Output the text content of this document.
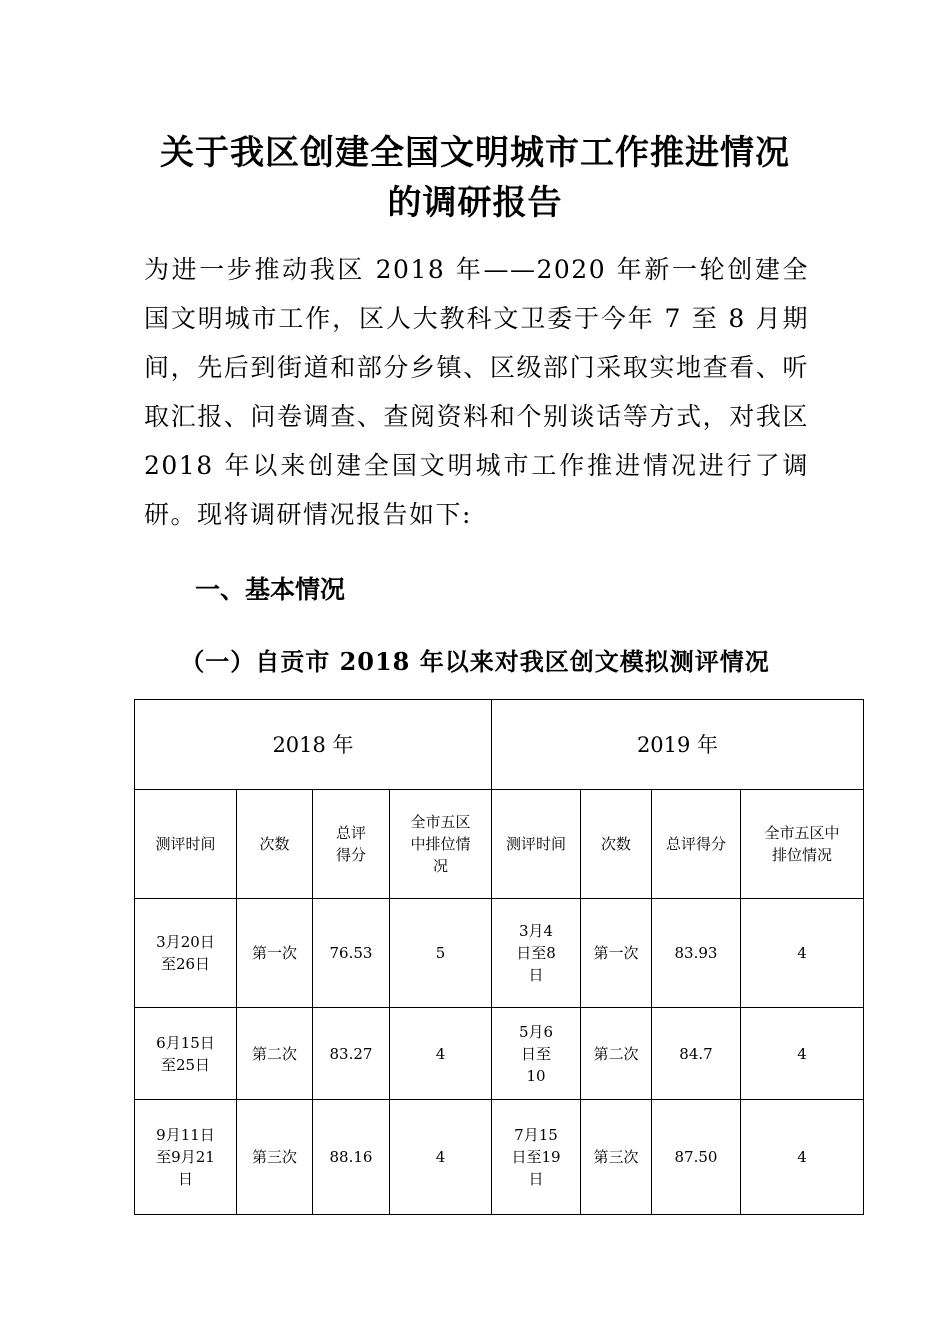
关于我区创建全国文明城市工作推进情况
的调研报告

为进一步推动我区 2018 年——2020 年新一轮创建全国文明城市工作，区人大教科文卫委于今年 7 至 8 月期间，先后到街道和部分乡镇、区级部门采取实地查看、听取汇报、问卷调查、查阅资料和个别谈话等方式，对我区 2018 年以来创建全国文明城市工作推进情况进行了调研。现将调研情况报告如下:

一、基本情况
（一）自贡市 2018 年以来对我区创文模拟测评情况
2018 年				2019 年			
测评时间	次数	总评得分	全市五区中排位情况	测评时间	次数	总评得分	全市五区中排位情况
3月20日至26日	第一次	76.53	5	3月4日至8日	第一次	83.93	4
6月15日至25日	第二次	83.27	4	5月6日至10	第二次	84.7	4
9月11日至9月21日	第三次	88.16	4	7月15日至19日	第三次	87.50	4
